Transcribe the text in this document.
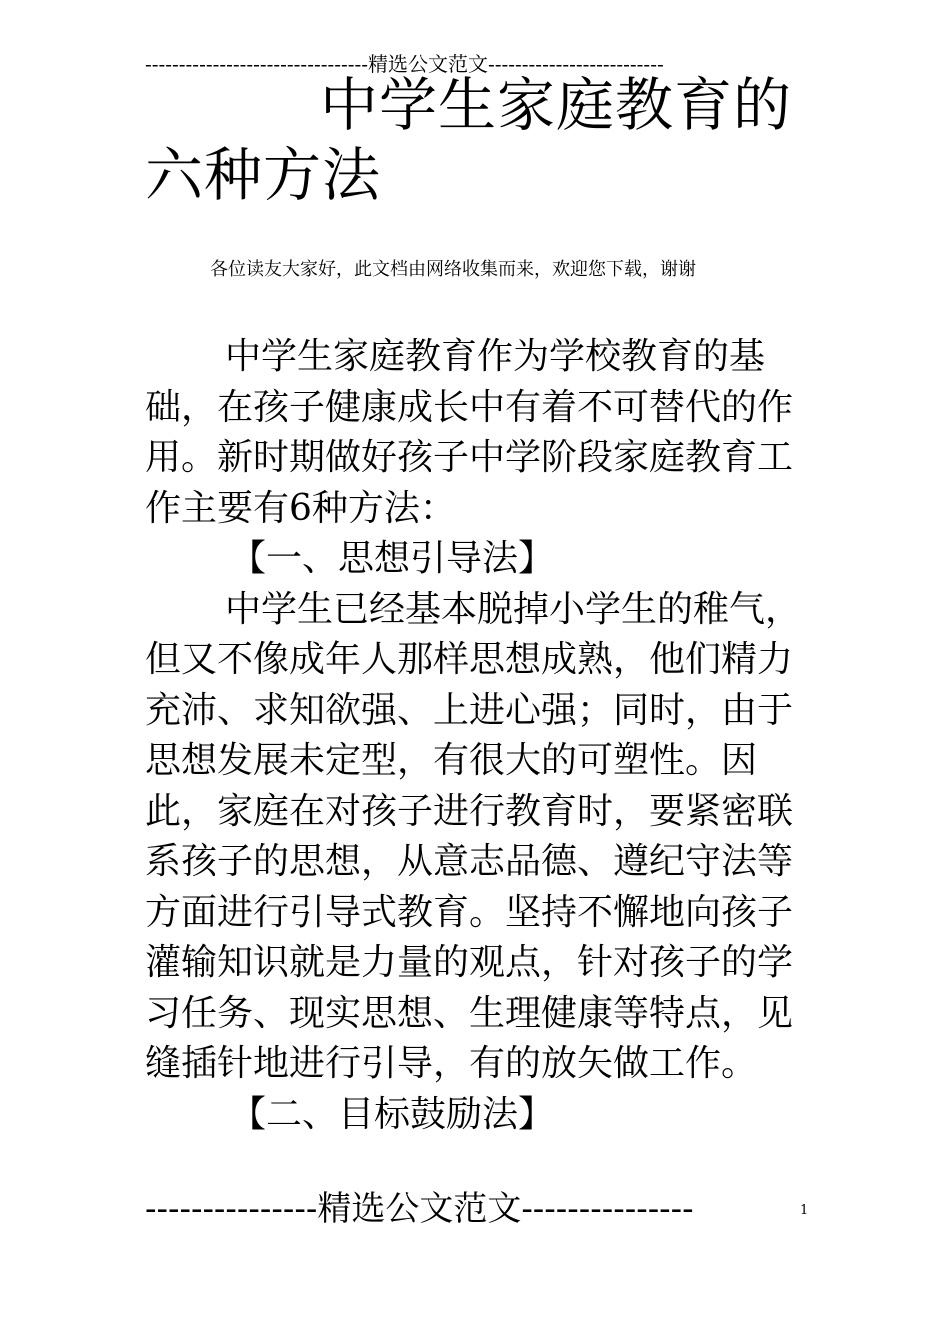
---------------------------------精选公文范文--------------------------
中学生家庭教育的
六种方法
各位读友大家好，此文档由网络收集而来，欢迎您下载，谢谢

中学生家庭教育作为学校教育的基础，在孩子健康成长中有着不可替代的作用。新时期做好孩子中学阶段家庭教育工作主要有6种方法：

【一、思想引导法】

中学生已经基本脱掉小学生的稚气，但又不像成年人那样思想成熟，他们精力充沛、求知欲强、上进心强；同时，由于思想发展未定型，有很大的可塑性。因此，家庭在对孩子进行教育时，要紧密联系孩子的思想，从意志品德、遵纪守法等方面进行引导式教育。坚持不懈地向孩子灌输知识就是力量的观点，针对孩子的学习任务、现实思想、生理健康等特点，见缝插针地进行引导，有的放矢做工作。

【二、目标鼓励法】

---------------精选公文范文---------------	1
